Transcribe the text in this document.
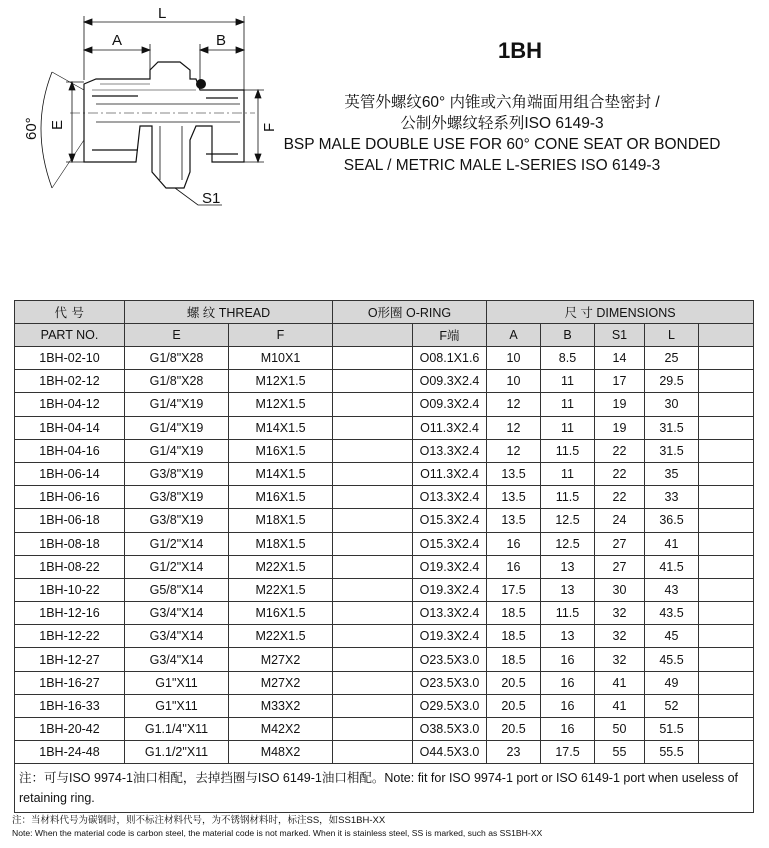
L
A	B
E	F
S1
60°
1BH
英管外螺纹60° 内锥或六角端面用组合垫密封 /
公制外螺纹轻系列ISO 6149-3
BSP MALE DOUBLE USE FOR 60° CONE SEAT OR BONDED
SEAL / METRIC MALE L-SERIES ISO 6149-3
代 号	螺 纹 THREAD		O形圈 O-RING		尺 寸 DIMENSIONS				
PART NO.	E	F		F端	A	B	S1	L	
1BH-02-10	G1/8"X28	M10X1		O08.1X1.6	10	8.5	14	25	
1BH-02-12	G1/8"X28	M12X1.5		O09.3X2.4	10	11	17	29.5	
1BH-04-12	G1/4"X19	M12X1.5		O09.3X2.4	12	11	19	30	
1BH-04-14	G1/4"X19	M14X1.5		O11.3X2.4	12	11	19	31.5	
1BH-04-16	G1/4"X19	M16X1.5		O13.3X2.4	12	11.5	22	31.5	
1BH-06-14	G3/8"X19	M14X1.5		O11.3X2.4	13.5	11	22	35	
1BH-06-16	G3/8"X19	M16X1.5		O13.3X2.4	13.5	11.5	22	33	
1BH-06-18	G3/8"X19	M18X1.5		O15.3X2.4	13.5	12.5	24	36.5	
1BH-08-18	G1/2"X14	M18X1.5		O15.3X2.4	16	12.5	27	41	
1BH-08-22	G1/2"X14	M22X1.5		O19.3X2.4	16	13	27	41.5	
1BH-10-22	G5/8"X14	M22X1.5		O19.3X2.4	17.5	13	30	43	
1BH-12-16	G3/4"X14	M16X1.5		O13.3X2.4	18.5	11.5	32	43.5	
1BH-12-22	G3/4"X14	M22X1.5		O19.3X2.4	18.5	13	32	45	
1BH-12-27	G3/4"X14	M27X2		O23.5X3.0	18.5	16	32	45.5	
1BH-16-27	G1"X11	M27X2		O23.5X3.0	20.5	16	41	49	
1BH-16-33	G1"X11	M33X2		O29.5X3.0	20.5	16	41	52	
1BH-20-42	G1.1/4"X11	M42X2		O38.5X3.0	20.5	16	50	51.5	
1BH-24-48	G1.1/2"X11	M48X2		O44.5X3.0	23	17.5	55	55.5	
注：可与ISO 9974-1油口相配，去掉挡圈与ISO 6149-1油口相配。Note: fit for ISO 9974-1 port or ISO 6149-1 port when useless of retaining ring.									
注：当材料代号为碳钢时，则不标注材料代号，为不锈钢材料时，标注SS，如SS1BH-XX
Note: When the material code is carbon steel, the material code is not marked. When it is stainless steel, SS is marked, such as SS1BH-XX
